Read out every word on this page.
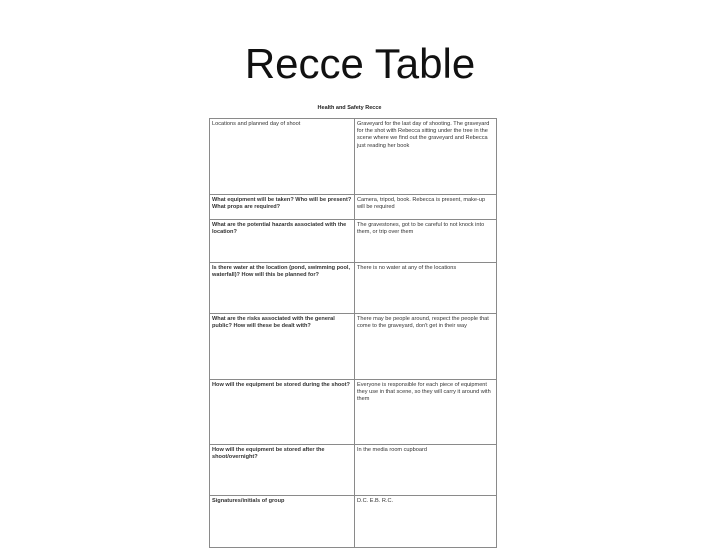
Recce Table
Health and Safety Recce
Locations and planned day of shoot	Graveyard for the last day of shooting. The graveyard for the shot with Rebecca sitting under the tree in the scene where we find out the graveyard and Rebecca just reading her book
What equipment will be taken? Who will be present? What props are required?	Camera, tripod, book. Rebecca is present, make-up will be required
What are the potential hazards associated with the location?	The gravestones, got to be careful to not knock into them, or trip over them
Is there water at the location (pond, swimming pool, waterfall)? How will this be planned for?	There is no water at any of the locations
What are the risks associated with the general public? How will these be dealt with?	There may be people around, respect the people that come to the graveyard, don't get in their way
How will the equipment be stored during the shoot?	Everyone is responsible for each piece of equipment they use in that scene, so they will carry it around with them
How will the equipment be stored after the shoot/overnight?	In the media room cupboard
Signatures/initials of group	D.C. E.B. R.C.
